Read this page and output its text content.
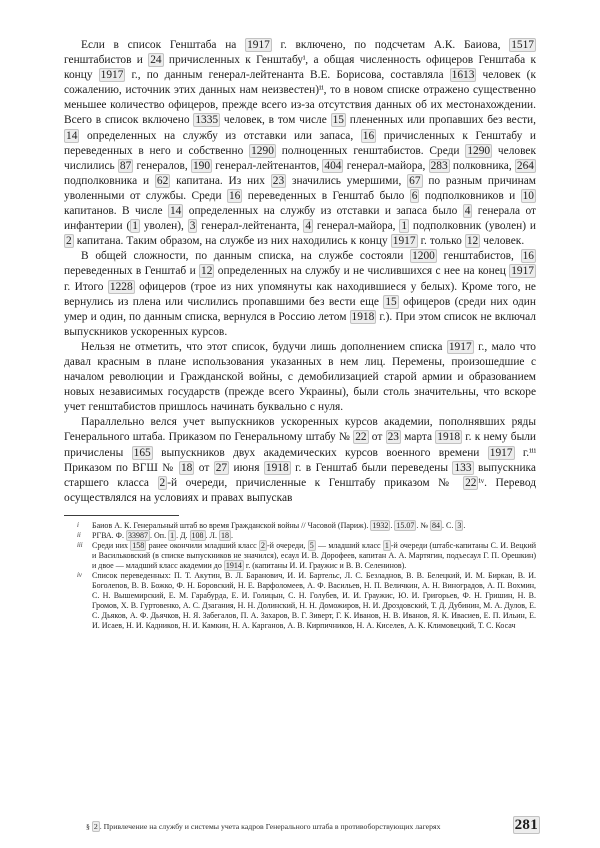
Если в список Генштаба на 1917 г. включено, по подсчетам А.К. Баиова, 1517 генштабистов и 24 причисленных к Генштабуⁱ, а общая численность офицеров Генштаба к концу 1917 г., по данным генерал-лейтенанта В.Е. Борисова, составляла 1613 человек (к сожалению, источник этих данных нам неизвестен)ⁱⁱ, то в новом списке отражено существенно меньшее количество офицеров, прежде всего из-за отсутствия данных об их местонахождении. Всего в список включено 1335 человек, в том числе 15 плененных или пропавших без вести, 14 определенных на службу из отставки или запаса, 16 причисленных к Генштабу и переведенных в него и собственно 1290 полноценных генштабистов. Среди 1290 человек числились 87 генералов, 190 генерал-лейтенантов, 404 генерал-майора, 283 полковника, 264 подполковника и 62 капитана. Из них 23 значились умершими, 67 по разным причинам уволенными от службы. Среди 16 переведенных в Генштаб было 6 подполковников и 10 капитанов. В числе 14 определенных на службу из отставки и запаса было 4 генерала от инфантерии ( 1 уволен), 3 генерал-лейтенанта, 4 генерал-майора, 1 подполковник (уволен) и 2 капитана. Таким образом, на службе из них находились к концу 1917 г. только 12 человек.

В общей сложности, по данным списка, на службе состояли 1200 генштабистов, 16 переведенных в Генштаб и 12 определенных на службу и не числившихся с нее на конец 1917 г. Итого 1228 офицеров (трое из них упомянуты как находившиеся у белых). Кроме того, не вернулись из плена или числились пропавшими без вести еще 15 офицеров (среди них один умер и один, по данным списка, вернулся в Россию летом 1918 г.). При этом список не включал выпускников ускоренных курсов.

Нельзя не отметить, что этот список, будучи лишь дополнением списка 1917 г., мало что давал красным в плане использования указанных в нем лиц. Перемены, произошедшие с началом революции и Гражданской войны, с демобилизацией старой армии и образованием новых независимых государств (прежде всего Украины), были столь значительны, что вскоре учет генштабистов пришлось начинать буквально с нуля.

Параллельно велся учет выпускников ускоренных курсов академии, пополнявших ряды Генерального штаба. Приказом по Генеральному штабу № 22 от 23 марта 1918 г. к нему были причислены 165 выпускников двух академических курсов военного времени 1917 г.ⁱⁱⁱ Приказом по ВГШ № 18 от 27 июня 1918 г. в Генштаб были переведены 133 выпускника старшего класса 2 -й очереди, причисленные к Генштабу приказом № 22 ⁱᵛ. Перевод осуществлялся на условиях и правах выпускав

i Баиов А. К. Генеральный штаб во время Гражданской войны // Часовой (Париж). 1932 . 15.07 . № 84 . С. 3 .
ii РГВА. Ф. 33987 . Оп. 1 . Д. 108 . Л. 18 .
iii Среди них 158 ранее окончили младший класс 2 -й очереди, 5 — младший класс 1 -й очереди (штабс-капитаны С. И. Вецкий и Васильковский (в списке выпускников не значился), есаул И. В. Дорофеев, капитан А. А. Мартягин, подъесаул Г. П. Орешкин) и двое — младший класс академии до 1914 г. (капитаны И. И. Граужис и В. В. Селенинов).
iv Список переведенных: П. Т. Акутин, В. Л. Баранович, И. И. Бартельс, Л. С. Безладнов, В. В. Белецкий, И. М. Биркан, В. И. Боголепов, В. В. Божко, Ф. Н. Боровский, Н. Е. Варфоломеев, А. Ф. Васильев, Н. П. Величкин, А. Н. Виноградов, А. П. Вохмин, С. Н. Вышемирский, Е. М. Гарабурда, Е. И. Голицын, С. Н. Голубев, И. И. Граужис, Ю. И. Григорьев, Ф. Н. Гришин, Н. В. Громов, Х. В. Гуртовенко, А. С. Дзагания, Н. Н. Долинский, Н. Н. Доможиров, Н. И. Дроздовский, Т. Д. Дубинин, М. А. Дулов, Е. С. Дьяков, А. Ф. Дьячков, Н. Я. Забегалов, П. А. Захаров, В. Г. Зиверт, Г. К. Иванов, Н. В. Иванов, Я. К. Ивасиев, Е. П. Ильин, Е. И. Исаев, Н. И. Кадников, Н. И. Камкин, Н. А. Карганов, А. В. Кирпичников, Н. А. Киселев, А. К. Климовецкий, Т. С. Косач
§ 2 . Привлечение на службу и системы учета кадров Генерального штаба в противоборствующих лагерях	281
